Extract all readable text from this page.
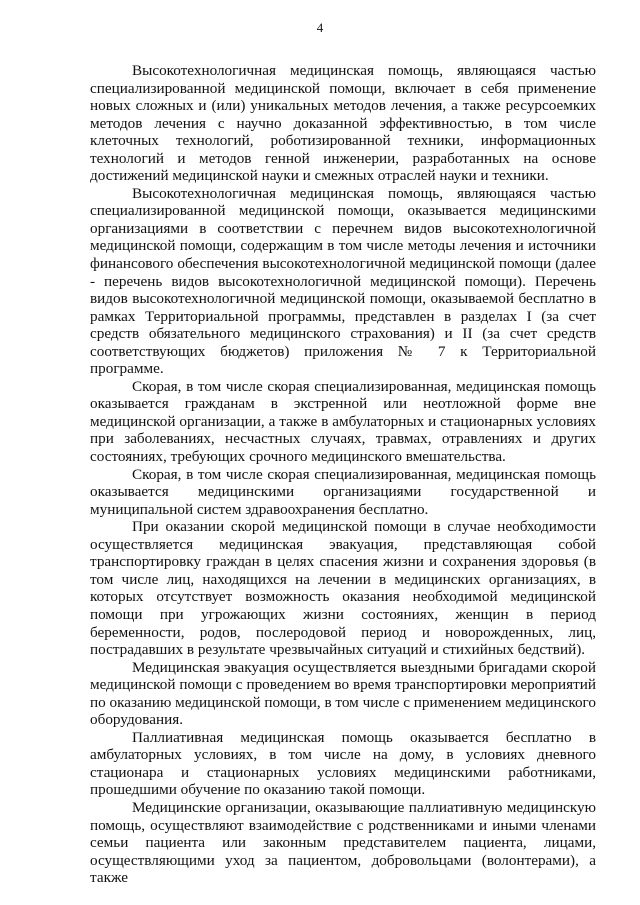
4

Высокотехнологичная медицинская помощь, являющаяся частью специализированной медицинской помощи, включает в себя применение новых сложных и (или) уникальных методов лечения, а также ресурсоемких методов лечения с научно доказанной эффективностью, в том числе клеточных технологий, роботизированной техники, информационных технологий и методов генной инженерии, разработанных на основе достижений медицинской науки и смежных отраслей науки и техники.

Высокотехнологичная медицинская помощь, являющаяся частью специализированной медицинской помощи, оказывается медицинскими организациями в соответствии с перечнем видов высокотехнологичной медицинской помощи, содержащим в том числе методы лечения и источники финансового обеспечения высокотехнологичной медицинской помощи (далее - перечень видов высокотехнологичной медицинской помощи). Перечень видов высокотехнологичной медицинской помощи, оказываемой бесплатно в рамках Территориальной программы, представлен в разделах I (за счет средств обязательного медицинского страхования) и II (за счет средств соответствующих бюджетов) приложения № 7 к Территориальной программе.

Скорая, в том числе скорая специализированная, медицинская помощь оказывается гражданам в экстренной или неотложной форме вне медицинской организации, а также в амбулаторных и стационарных условиях при заболеваниях, несчастных случаях, травмах, отравлениях и других состояниях, требующих срочного медицинского вмешательства.

Скорая, в том числе скорая специализированная, медицинская помощь оказывается медицинскими организациями государственной и муниципальной систем здравоохранения бесплатно.

При оказании скорой медицинской помощи в случае необходимости осуществляется медицинская эвакуация, представляющая собой транспортировку граждан в целях спасения жизни и сохранения здоровья (в том числе лиц, находящихся на лечении в медицинских организациях, в которых отсутствует возможность оказания необходимой медицинской помощи при угрожающих жизни состояниях, женщин в период беременности, родов, послеродовой период и новорожденных, лиц, пострадавших в результате чрезвычайных ситуаций и стихийных бедствий).

Медицинская эвакуация осуществляется выездными бригадами скорой медицинской помощи с проведением во время транспортировки мероприятий по оказанию медицинской помощи, в том числе с применением медицинского оборудования.

Паллиативная медицинская помощь оказывается бесплатно в амбулаторных условиях, в том числе на дому, в условиях дневного стационара и стационарных условиях медицинскими работниками, прошедшими обучение по оказанию такой помощи.

Медицинские организации, оказывающие паллиативную медицинскую помощь, осуществляют взаимодействие с родственниками и иными членами семьи пациента или законным представителем пациента, лицами, осуществляющими уход за пациентом, добровольцами (волонтерами), а также
